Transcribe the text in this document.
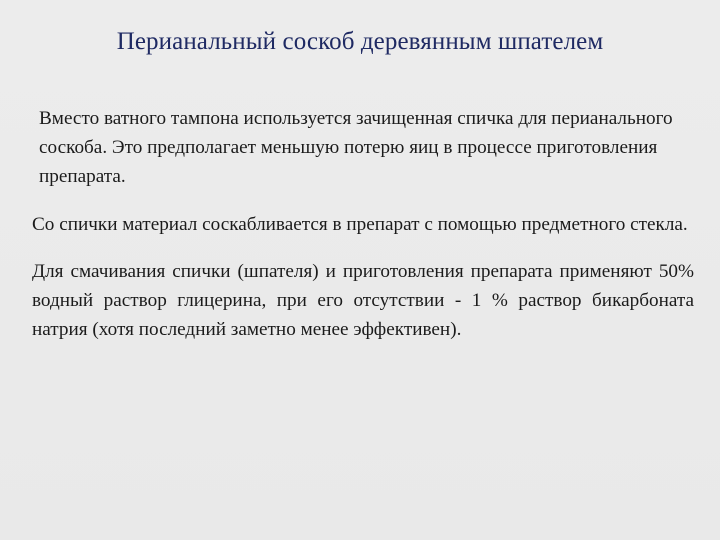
Перианальный соскоб деревянным шпателем

Вместо ватного тампона используется зачищенная спичка для перианального соскоба. Это предполагает меньшую потерю яиц в процессе приготовления препарата.

Со спички материал соскабливается в препарат с помощью предметного стекла.

Для смачивания спички (шпателя) и приготовления препарата применяют 50% водный раствор глицерина, при его отсутствии - 1 % раствор бикарбоната натрия (хотя последний заметно менее эффективен).
